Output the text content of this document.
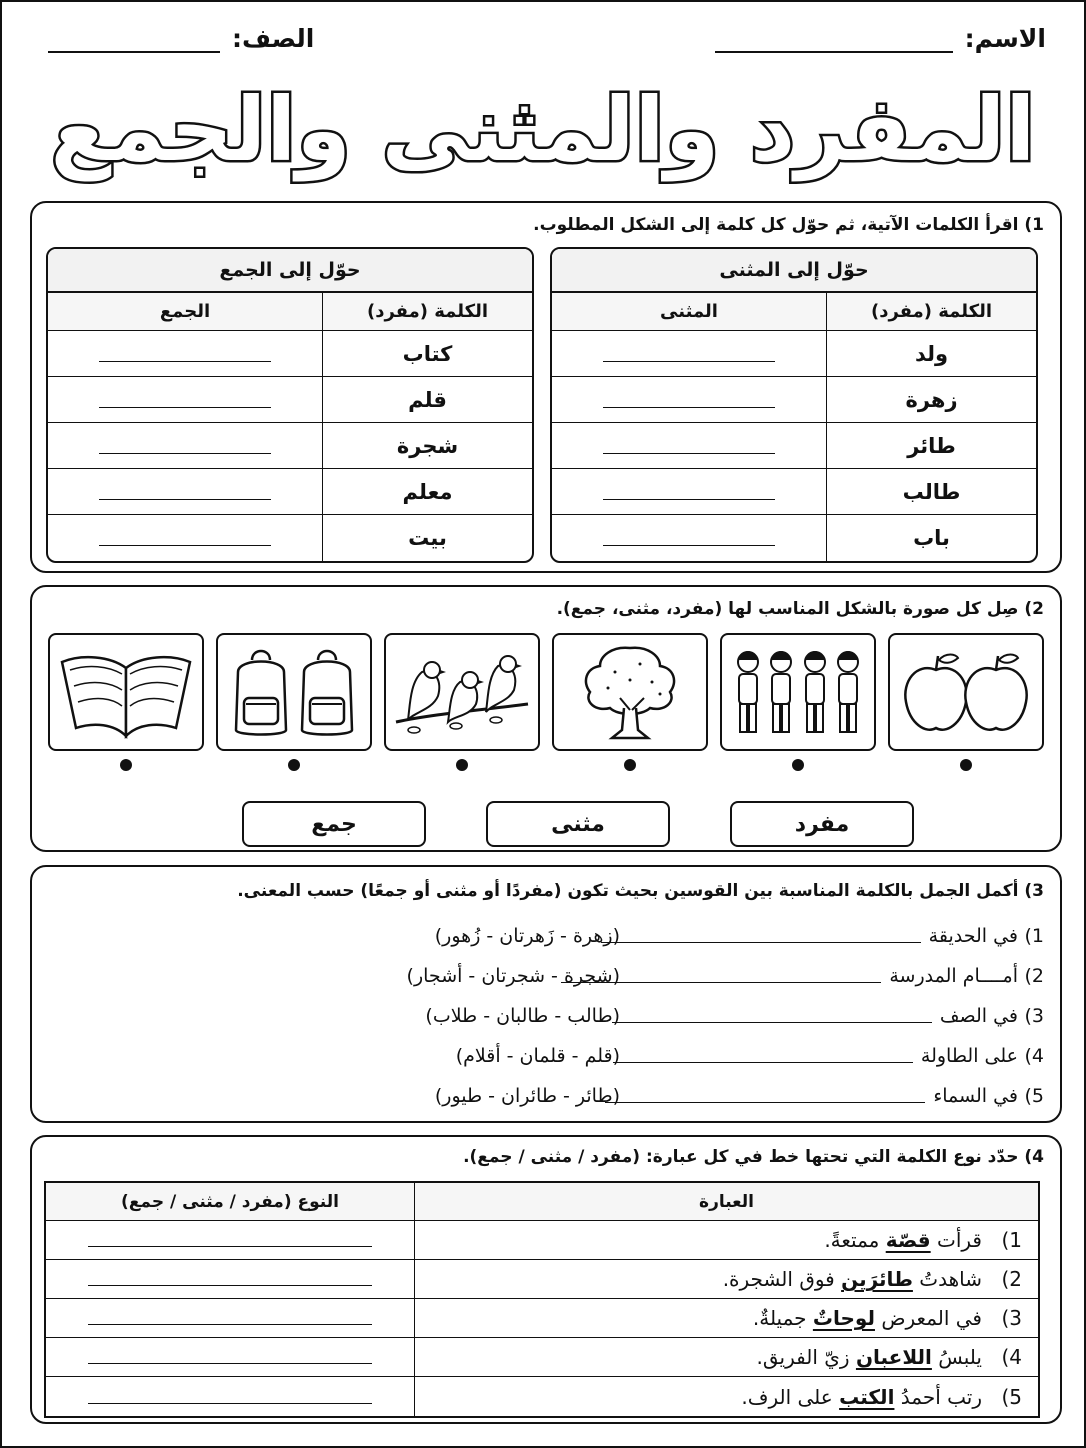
الاسم:
الصف:
المفرد والمثنى والجمع
1) اقرأ الكلمات الآتية، ثم حوّل كل كلمة إلى الشكل المطلوب.
حوّل إلى المثنى
الكلمة (مفرد)
المثنى
ولد
زهرة
طائر
طالب
باب
حوّل إلى الجمع
الكلمة (مفرد)
الجمع
كتاب
قلم
شجرة
معلم
بيت
2) صِل كل صورة بالشكل المناسب لها (مفرد، مثنى، جمع).
مفرد
مثنى
جمع
3) أكمل الجمل بالكلمة المناسبة بين القوسين بحيث تكون (مفردًا أو مثنى أو جمعًا) حسب المعنى.
1)
في الحديقة
(زهرة - زَهرتان - زُهور)
2)
أمــــام المدرسة
(شجرة - شجرتان - أشجار)
3)
في الصف
(طالب - طالبان - طلاب)
4)
على الطاولة
(قلم - قلمان - أقلام)
5)
في السماء
(طائر - طائران - طيور)
4) حدّد نوع الكلمة التي تحتها خط في كل عبارة: (مفرد / مثنى / جمع).
العبارة
النوع (مفرد / مثنى / جمع)
1)
قرأت

قصّة

ممتعةً.
2)
شاهدتُ

طائرَين

فوق الشجرة.
3)
في المعرض

لوحاتٌ

جميلةٌ.
4)
يلبسُ

اللاعبان

زيّ الفريق.
5)
رتب أحمدُ

الكتب

على الرف.
